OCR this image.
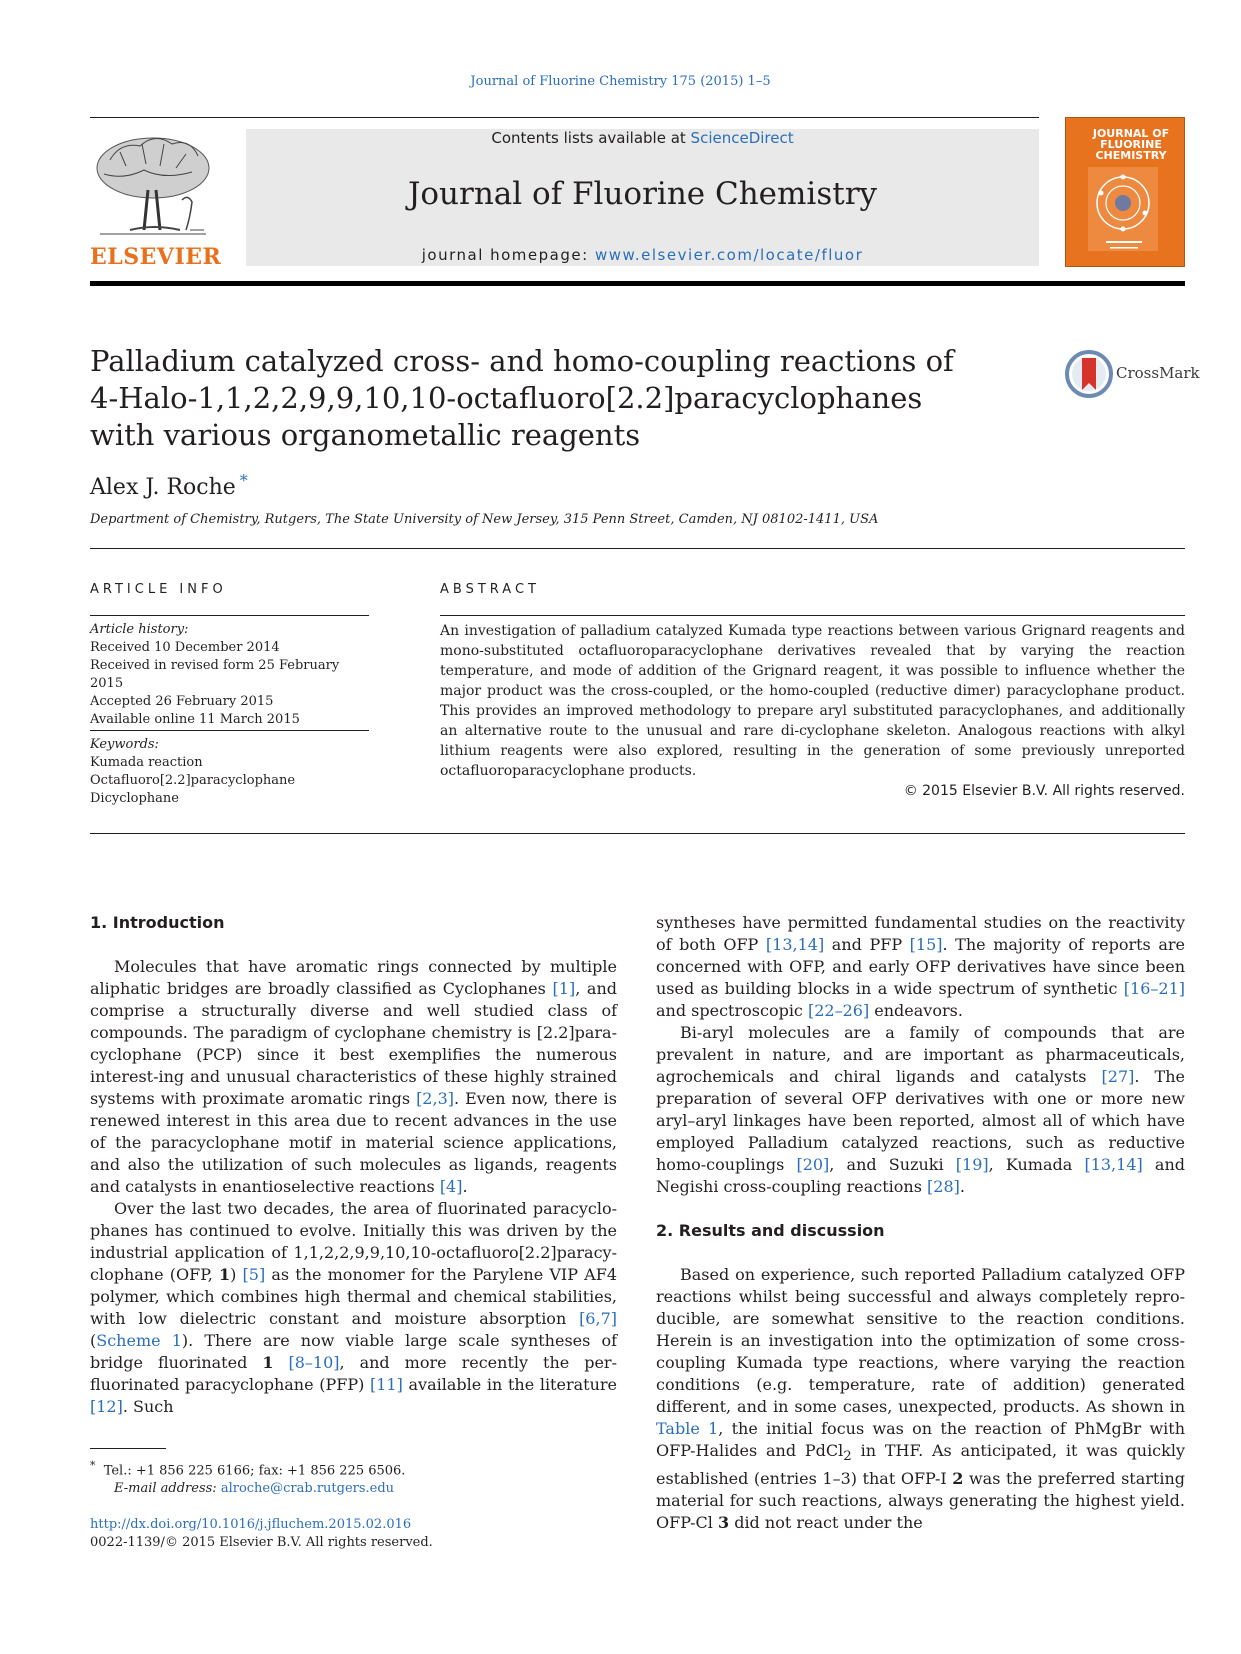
Journal of Fluorine Chemistry 175 (2015) 1–5
ELSEVIER
Contents lists available at ScienceDirect
Journal of Fluorine Chemistry
journal homepage: www.elsevier.com/locate/fluor
JOURNAL OF FLUORINE CHEMISTRY
Palladium catalyzed cross- and homo-coupling reactions of 4-Halo-1,1,2,2,9,9,10,10-octafluoro[2.2]paracyclophanes with various organometallic reagents
CrossMark
Alex J. Roche *
Department of Chemistry, Rutgers, The State University of New Jersey, 315 Penn Street, Camden, NJ 08102-1411, USA
ARTICLE INFO
Article history:
Received 10 December 2014
Received in revised form 25 February 2015
Accepted 26 February 2015
Available online 11 March 2015
Keywords:
Kumada reaction
Octafluoro[2.2]paracyclophane
Dicyclophane
ABSTRACT
An investigation of palladium catalyzed Kumada type reactions between various Grignard reagents and mono-substituted octafluoroparacyclophane derivatives revealed that by varying the reaction temperature, and mode of addition of the Grignard reagent, it was possible to influence whether the major product was the cross-coupled, or the homo-coupled (reductive dimer) paracyclophane product. This provides an improved methodology to prepare aryl substituted paracyclophanes, and additionally an alternative route to the unusual and rare di-cyclophane skeleton. Analogous reactions with alkyl lithium reagents were also explored, resulting in the generation of some previously unreported octafluoroparacyclophane products.
© 2015 Elsevier B.V. All rights reserved.
1. Introduction

Molecules that have aromatic rings connected by multiple aliphatic bridges are broadly classified as Cyclophanes [1], and comprise a structurally diverse and well studied class of compounds. The paradigm of cyclophane chemistry is [2.2]para-cyclophane (PCP) since it best exemplifies the numerous interest-ing and unusual characteristics of these highly strained systems with proximate aromatic rings [2,3]. Even now, there is renewed interest in this area due to recent advances in the use of the paracyclophane motif in material science applications, and also the utilization of such molecules as ligands, reagents and catalysts in enantioselective reactions [4].

Over the last two decades, the area of fluorinated paracyclo-phanes has continued to evolve. Initially this was driven by the industrial application of 1,1,2,2,9,9,10,10-octafluoro[2.2]paracy-clophane (OFP, 1) [5] as the monomer for the Parylene VIP AF4 polymer, which combines high thermal and chemical stabilities, with low dielectric constant and moisture absorption [6,7] (Scheme 1). There are now viable large scale syntheses of bridge fluorinated 1 [8–10], and more recently the per-fluorinated paracyclophane (PFP) [11] available in the literature [12]. Such

syntheses have permitted fundamental studies on the reactivity of both OFP [13,14] and PFP [15]. The majority of reports are concerned with OFP, and early OFP derivatives have since been used as building blocks in a wide spectrum of synthetic [16–21] and spectroscopic [22–26] endeavors.

Bi-aryl molecules are a family of compounds that are prevalent in nature, and are important as pharmaceuticals, agrochemicals and chiral ligands and catalysts [27]. The preparation of several OFP derivatives with one or more new aryl–aryl linkages have been reported, almost all of which have employed Palladium catalyzed reactions, such as reductive homo-couplings [20], and Suzuki [19], Kumada [13,14] and Negishi cross-coupling reactions [28].

2. Results and discussion

Based on experience, such reported Palladium catalyzed OFP reactions whilst being successful and always completely repro-ducible, are somewhat sensitive to the reaction conditions. Herein is an investigation into the optimization of some cross-coupling Kumada type reactions, where varying the reaction conditions (e.g. temperature, rate of addition) generated different, and in some cases, unexpected, products. As shown in Table 1, the initial focus was on the reaction of PhMgBr with OFP-Halides and PdCl$_2$ in THF. As anticipated, it was quickly established (entries 1–3) that OFP-I 2 was the preferred starting material for such reactions, always generating the highest yield. OFP-Cl 3 did not react under the

* Tel.: +1 856 225 6166; fax: +1 856 225 6506.
E-mail address: alroche@crab.rutgers.edu
http://dx.doi.org/10.1016/j.jfluchem.2015.02.016
0022-1139/© 2015 Elsevier B.V. All rights reserved.
